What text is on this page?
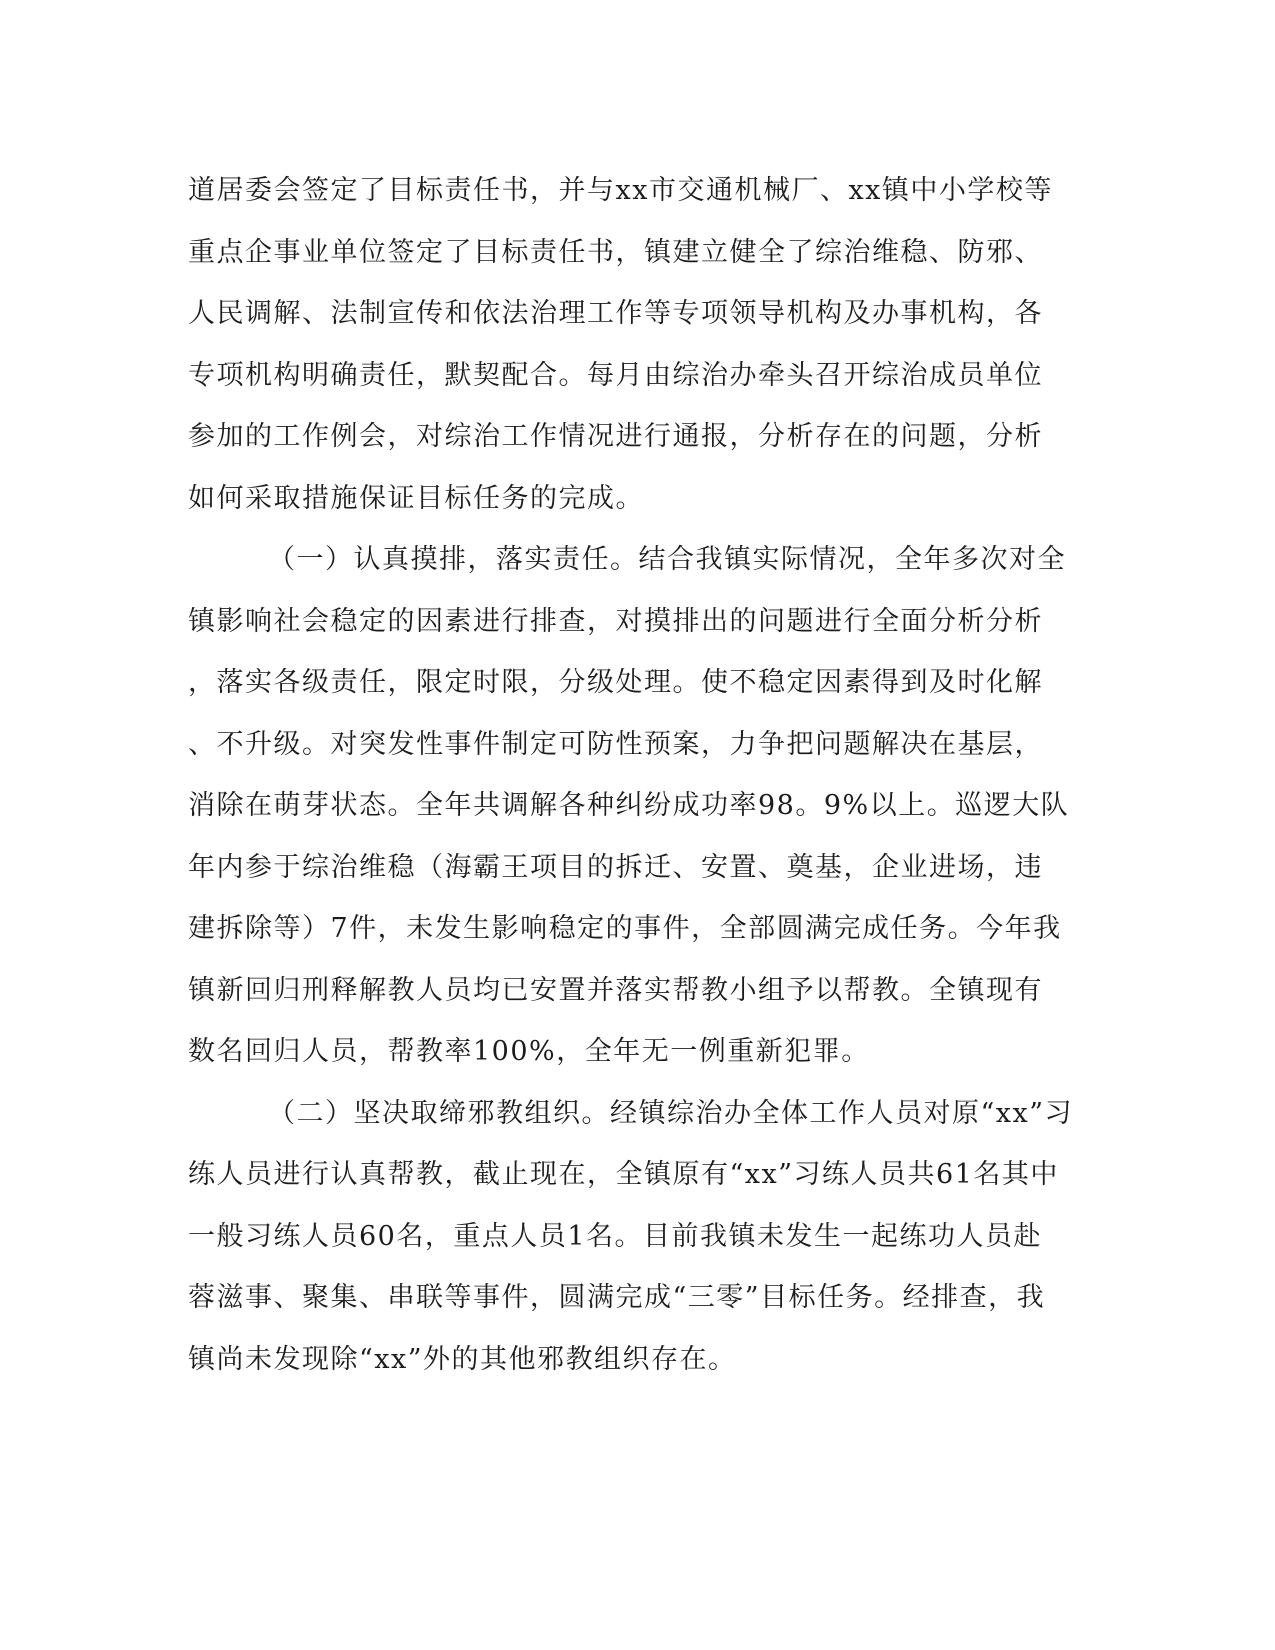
道居委会签定了目标责任书，并与xx市交通机械厂、xx镇中小学校等
重点企事业单位签定了目标责任书，镇建立健全了综治维稳、防邪、
人民调解、法制宣传和依法治理工作等专项领导机构及办事机构，各
专项机构明确责任，默契配合。每月由综治办牵头召开综治成员单位
参加的工作例会，对综治工作情况进行通报，分析存在的问题，分析
如何采取措施保证目标任务的完成。
（一）认真摸排，落实责任。结合我镇实际情况，全年多次对全
镇影响社会稳定的因素进行排查，对摸排出的问题进行全面分析分析
，落实各级责任，限定时限，分级处理。使不稳定因素得到及时化解
、不升级。对突发性事件制定可防性预案，力争把问题解决在基层，
消除在萌芽状态。全年共调解各种纠纷成功率98。9%以上。巡逻大队
年内参于综治维稳（海霸王项目的拆迁、安置、奠基，企业进场，违
建拆除等）7件，未发生影响稳定的事件，全部圆满完成任务。今年我
镇新回归刑释解教人员均已安置并落实帮教小组予以帮教。全镇现有
数名回归人员，帮教率100%，全年无一例重新犯罪。
（二）坚决取缔邪教组织。经镇综治办全体工作人员对原“xx”习
练人员进行认真帮教，截止现在，全镇原有“xx”习练人员共61名其中
一般习练人员60名，重点人员1名。目前我镇未发生一起练功人员赴
蓉滋事、聚集、串联等事件，圆满完成“三零”目标任务。经排查，我
镇尚未发现除“xx”外的其他邪教组织存在。
